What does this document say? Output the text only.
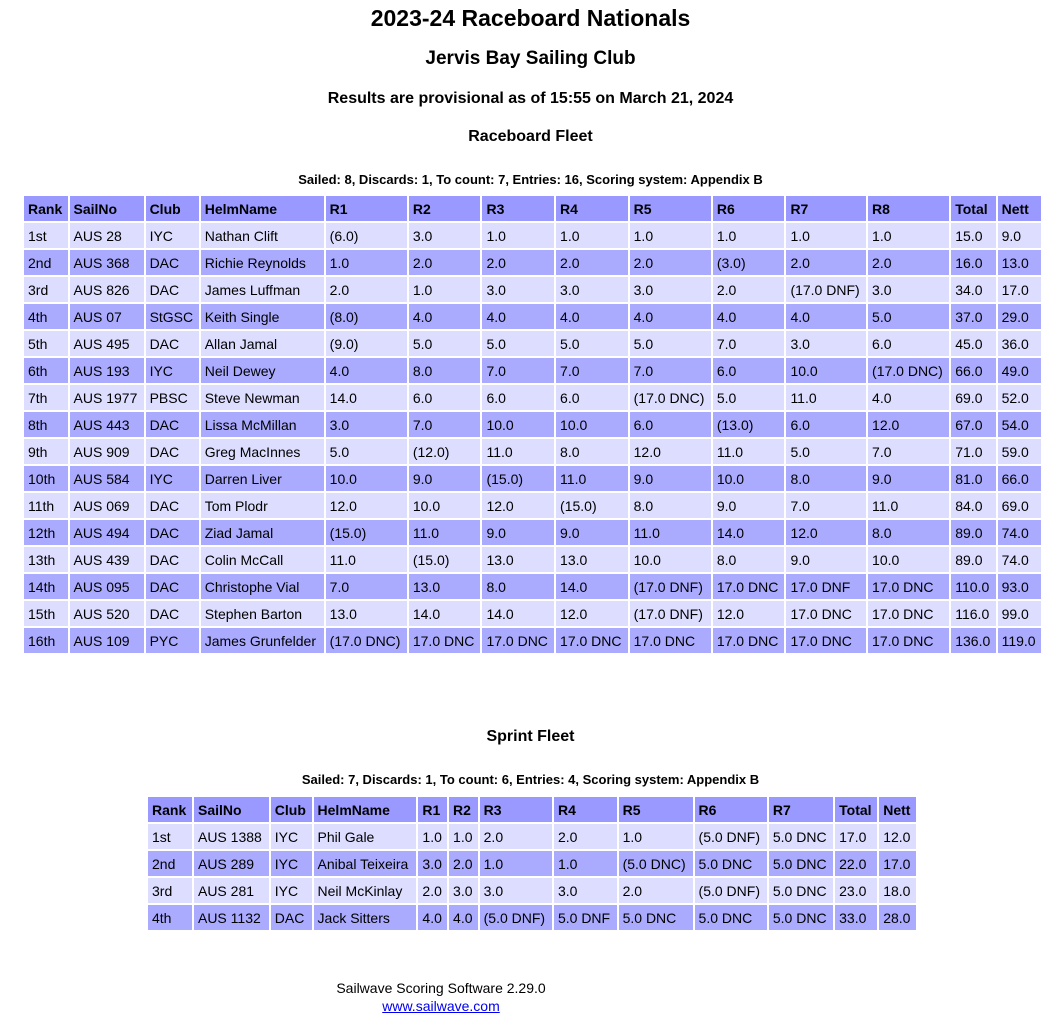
2023-24 Raceboard Nationals
Jervis Bay Sailing Club
Results are provisional as of 15:55 on March 21, 2024
Raceboard Fleet
Sailed: 8, Discards: 1, To count: 7, Entries: 16, Scoring system: Appendix B
Rank	SailNo	Club	HelmName	R1	R2	R3	R4	R5	R6	R7	R8	Total	Nett
1st	AUS 28	IYC	Nathan Clift	(6.0)	3.0	1.0	1.0	1.0	1.0	1.0	1.0	15.0	9.0
2nd	AUS 368	DAC	Richie Reynolds	1.0	2.0	2.0	2.0	2.0	(3.0)	2.0	2.0	16.0	13.0
3rd	AUS 826	DAC	James Luffman	2.0	1.0	3.0	3.0	3.0	2.0	(17.0 DNF)	3.0	34.0	17.0
4th	AUS 07	StGSC	Keith Single	(8.0)	4.0	4.0	4.0	4.0	4.0	4.0	5.0	37.0	29.0
5th	AUS 495	DAC	Allan Jamal	(9.0)	5.0	5.0	5.0	5.0	7.0	3.0	6.0	45.0	36.0
6th	AUS 193	IYC	Neil Dewey	4.0	8.0	7.0	7.0	7.0	6.0	10.0	(17.0 DNC)	66.0	49.0
7th	AUS 1977	PBSC	Steve Newman	14.0	6.0	6.0	6.0	(17.0 DNC)	5.0	11.0	4.0	69.0	52.0
8th	AUS 443	DAC	Lissa McMillan	3.0	7.0	10.0	10.0	6.0	(13.0)	6.0	12.0	67.0	54.0
9th	AUS 909	DAC	Greg MacInnes	5.0	(12.0)	11.0	8.0	12.0	11.0	5.0	7.0	71.0	59.0
10th	AUS 584	IYC	Darren Liver	10.0	9.0	(15.0)	11.0	9.0	10.0	8.0	9.0	81.0	66.0
11th	AUS 069	DAC	Tom Plodr	12.0	10.0	12.0	(15.0)	8.0	9.0	7.0	11.0	84.0	69.0
12th	AUS 494	DAC	Ziad Jamal	(15.0)	11.0	9.0	9.0	11.0	14.0	12.0	8.0	89.0	74.0
13th	AUS 439	DAC	Colin McCall	11.0	(15.0)	13.0	13.0	10.0	8.0	9.0	10.0	89.0	74.0
14th	AUS 095	DAC	Christophe Vial	7.0	13.0	8.0	14.0	(17.0 DNF)	17.0 DNC	17.0 DNF	17.0 DNC	110.0	93.0
15th	AUS 520	DAC	Stephen Barton	13.0	14.0	14.0	12.0	(17.0 DNF)	12.0	17.0 DNC	17.0 DNC	116.0	99.0
16th	AUS 109	PYC	James Grunfelder	(17.0 DNC)	17.0 DNC	17.0 DNC	17.0 DNC	17.0 DNC	17.0 DNC	17.0 DNC	17.0 DNC	136.0	119.0
Sprint Fleet
Sailed: 7, Discards: 1, To count: 6, Entries: 4, Scoring system: Appendix B
Rank	SailNo	Club	HelmName	R1	R2	R3	R4	R5	R6	R7	Total	Nett
1st	AUS 1388	IYC	Phil Gale	1.0	1.0	2.0	2.0	1.0	(5.0 DNF)	5.0 DNC	17.0	12.0
2nd	AUS 289	IYC	Anibal Teixeira	3.0	2.0	1.0	1.0	(5.0 DNC)	5.0 DNC	5.0 DNC	22.0	17.0
3rd	AUS 281	IYC	Neil McKinlay	2.0	3.0	3.0	3.0	2.0	(5.0 DNF)	5.0 DNC	23.0	18.0
4th	AUS 1132	DAC	Jack Sitters	4.0	4.0	(5.0 DNF)	5.0 DNF	5.0 DNC	5.0 DNC	5.0 DNC	33.0	28.0
Sailwave Scoring Software 2.29.0
www.sailwave.com
